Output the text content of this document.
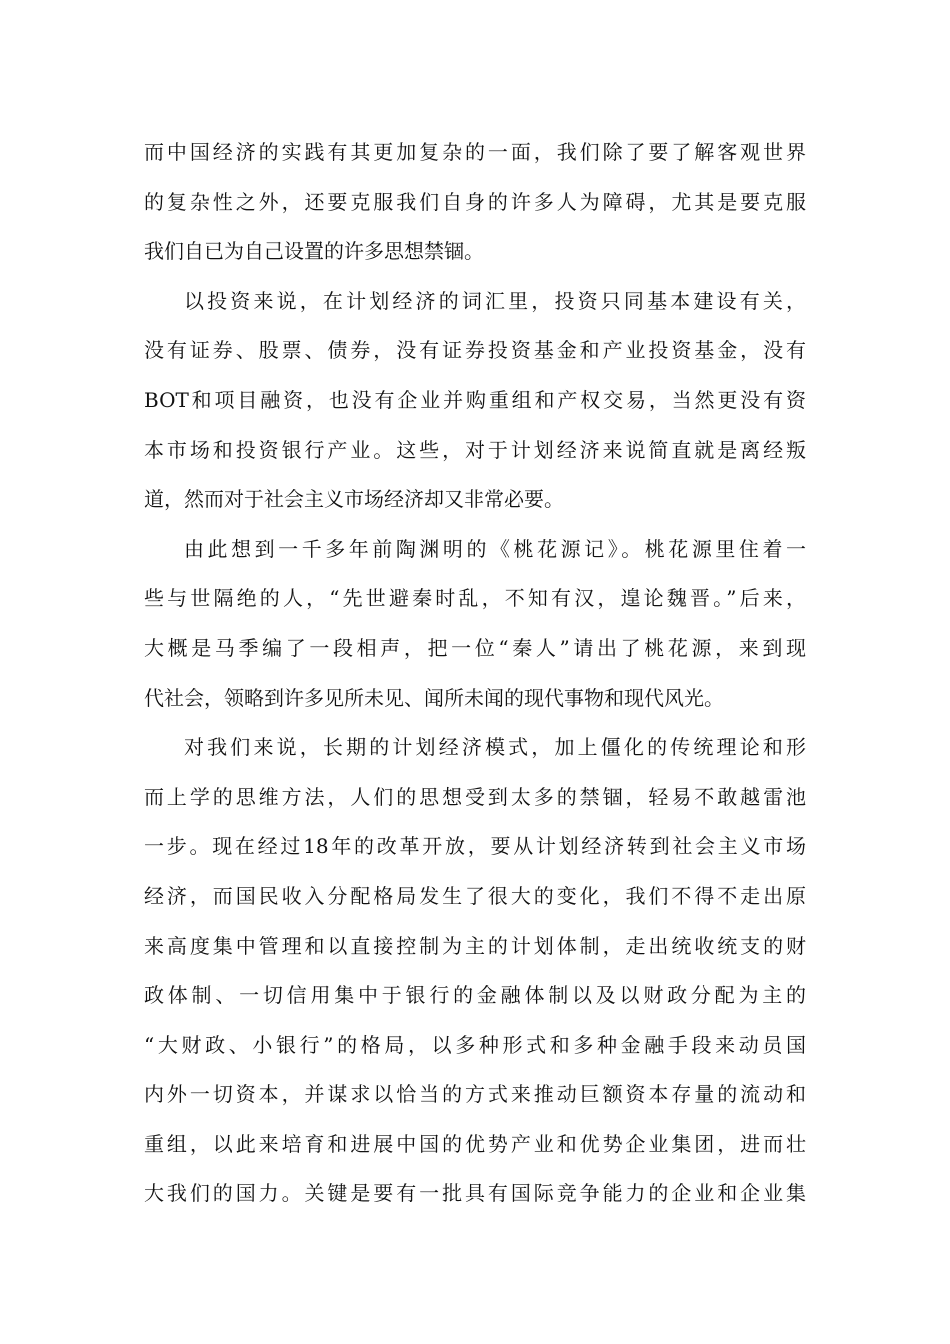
而中国经济的实践有其更加复杂的一面，我们除了要了解客观世界
的复杂性之外，还要克服我们自身的许多人为障碍，尤其是要克服
我们自已为自己设置的许多思想禁锢。
以投资来说，在计划经济的词汇里，投资只同基本建设有关，
没有证券、股票、债券，没有证券投资基金和产业投资基金，没有
BOT和项目融资，也没有企业并购重组和产权交易，当然更没有资
本市场和投资银行产业。这些，对于计划经济来说简直就是离经叛
道，然而对于社会主义市场经济却又非常必要。
由此想到一千多年前陶渊明的《桃花源记》。桃花源里住着一
些与世隔绝的人，“先世避秦时乱，不知有汉，遑论魏晋。”后来，
大概是马季编了一段相声，把一位“秦人”请出了桃花源，来到现
代社会，领略到许多见所未见、闻所未闻的现代事物和现代风光。
对我们来说，长期的计划经济模式，加上僵化的传统理论和形
而上学的思维方法，人们的思想受到太多的禁锢，轻易不敢越雷池
一步。现在经过18年的改革开放，要从计划经济转到社会主义市场
经济，而国民收入分配格局发生了很大的变化，我们不得不走出原
来高度集中管理和以直接控制为主的计划体制，走出统收统支的财
政体制、一切信用集中于银行的金融体制以及以财政分配为主的
“大财政、小银行”的格局，以多种形式和多种金融手段来动员国
内外一切资本，并谋求以恰当的方式来推动巨额资本存量的流动和
重组，以此来培育和进展中国的优势产业和优势企业集团，进而壮
大我们的国力。关键是要有一批具有国际竞争能力的企业和企业集
